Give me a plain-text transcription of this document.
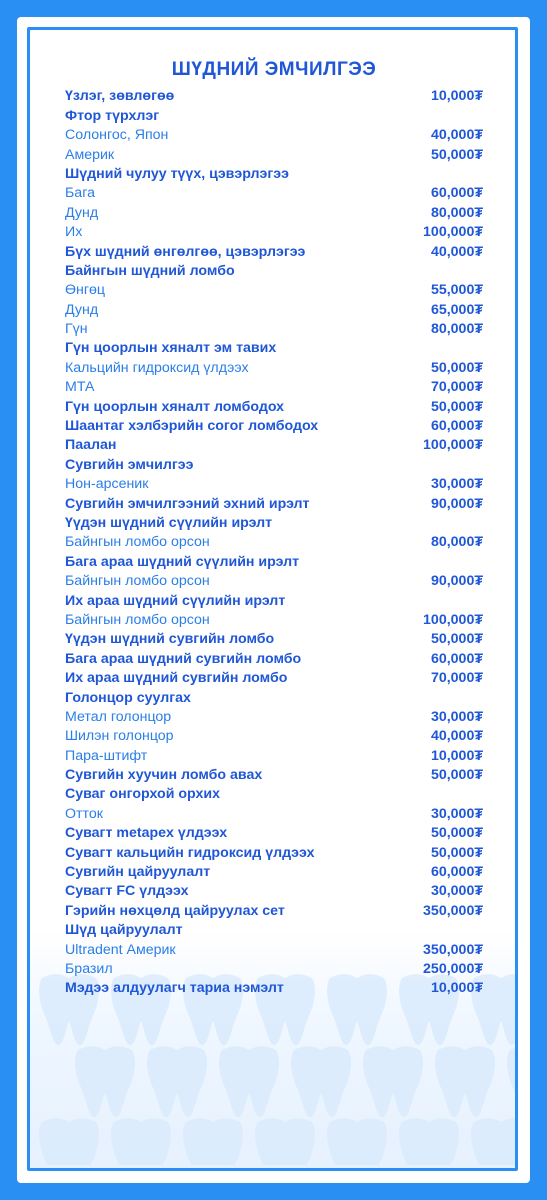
ШҮДНИЙ ЭМЧИЛГЭЭ
Үзлэг, зөвлөгөө	10,000₮
Фтор түрхлэг
Солонгос, Япон	40,000₮
Америк	50,000₮
Шүдний чулуу түүх, цэвэрлэгээ
Бага	60,000₮
Дунд	80,000₮
Их	100,000₮
Бүх шүдний өнгөлгөө, цэвэрлэгээ	40,000₮
Байнгын шүдний ломбо
Өнгөц	55,000₮
Дунд	65,000₮
Гүн	80,000₮
Гүн цоорлын хяналт эм тавих
Кальцийн гидроксид үлдээх	50,000₮
МТА	70,000₮
Гүн цоорлын хяналт ломбодох	50,000₮
Шаантаг хэлбэрийн согог ломбодох	60,000₮
Паалан	100,000₮
Сувгийн эмчилгээ
Нон-арсеник	30,000₮
Сувгийн эмчилгээний эхний ирэлт	90,000₮
Үүдэн шүдний сүүлийн ирэлт
Байнгын ломбо орсон	80,000₮
Бага араа шүдний сүүлийн ирэлт
Байнгын ломбо орсон	90,000₮
Их араа шүдний сүүлийн ирэлт
Байнгын ломбо орсон	100,000₮
Үүдэн шүдний сувгийн ломбо	50,000₮
Бага араа шүдний сувгийн ломбо	60,000₮
Их араа шүдний сувгийн ломбо	70,000₮
Голонцор суулгах
Метал голонцор	30,000₮
Шилэн голонцор	40,000₮
Пара-штифт	10,000₮
Сувгийн хуучин ломбо авах	50,000₮
Суваг онгорхой орхих
Отток	30,000₮
Сувагт metapex үлдээх	50,000₮
Сувагт кальцийн гидроксид үлдээх	50,000₮
Сувгийн цайруулалт	60,000₮
Сувагт FC үлдээх	30,000₮
Гэрийн нөхцөлд цайруулах сет	350,000₮
Шүд цайруулалт
Ultradent Америк	350,000₮
Бразил	250,000₮
Мэдээ алдуулагч тариа нэмэлт	10,000₮
